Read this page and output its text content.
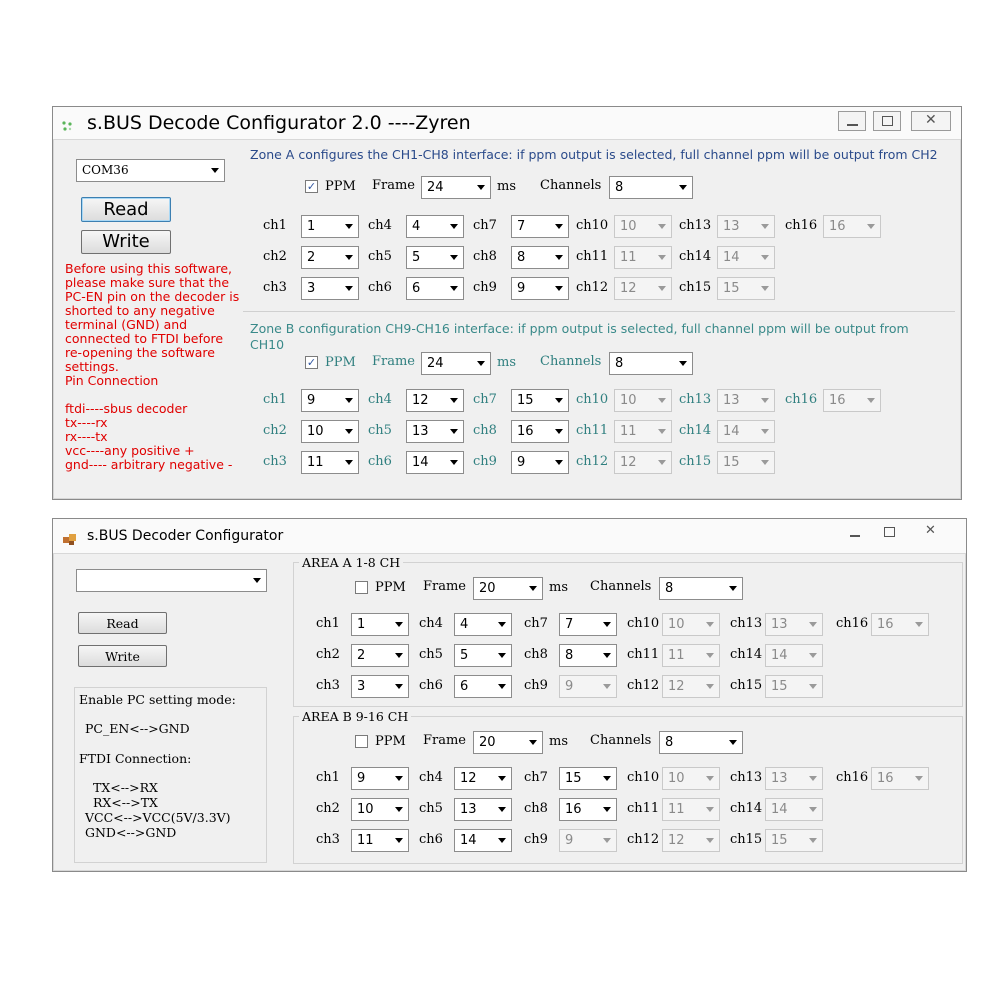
s.BUS Decode Configurator 2.0 ----Zyren	✕
COM36
Read
Write
Before using this software,
please make sure that the
PC-EN pin on the decoder is
shorted to any negative
terminal (GND) and
connected to FTDI before
re-opening the software
settings.
Pin Connection
ftdi----sbus decoder
tx----rx
rx----tx
vcc----any positive +
gnd---- arbitrary negative -
Zone A configures the CH1-CH8 interface: if ppm output is selected, full channel ppm will be output from CH2
✓ PPM Frame 24	ms Channels	8
ch1	1	ch4	4	ch7	7	ch10 10	ch13 13	ch16 16
ch2	2	ch5	5	ch8	8	ch11 11	ch14 14
ch3	3	ch6	6	ch9	9	ch12 12	ch15 15
Zone B configuration CH9-CH16 interface: if ppm output is selected, full channel ppm will be output from
CH10
✓ PPM Frame 24	ms Channels	8
ch1	9	ch4	12	ch7	15	ch10 10	ch13 13	ch16 16
ch2	10	ch5	13	ch8	16	ch11 11	ch14 14
ch3	11	ch6	14	ch9	9	ch12 12	ch15 15
s.BUS Decoder Configurator	✕
Read
Write
Enable PC setting mode:
PC_EN<-->GND
FTDI Connection:
TX<-->RX
RX<-->TX
VCC<-->VCC(5V/3.3V)
GND<-->GND
AREA A 1-8 CH
PPM Frame 20	ms Channels	8
ch1	1	ch4	4	ch7	7	ch10 10	ch13 13	ch16 16
ch2	2	ch5	5	ch8	8	ch11 11	ch14 14
ch3	3	ch6	6	ch9	9	ch12 12	ch15 15
AREA B 9-16 CH
PPM Frame 20	ms Channels	8
ch1	9	ch4	12	ch7	15	ch10 10	ch13 13	ch16 16
ch2	10	ch5	13	ch8	16	ch11 11	ch14 14
ch3	11	ch6	14	ch9	9	ch12 12	ch15 15
